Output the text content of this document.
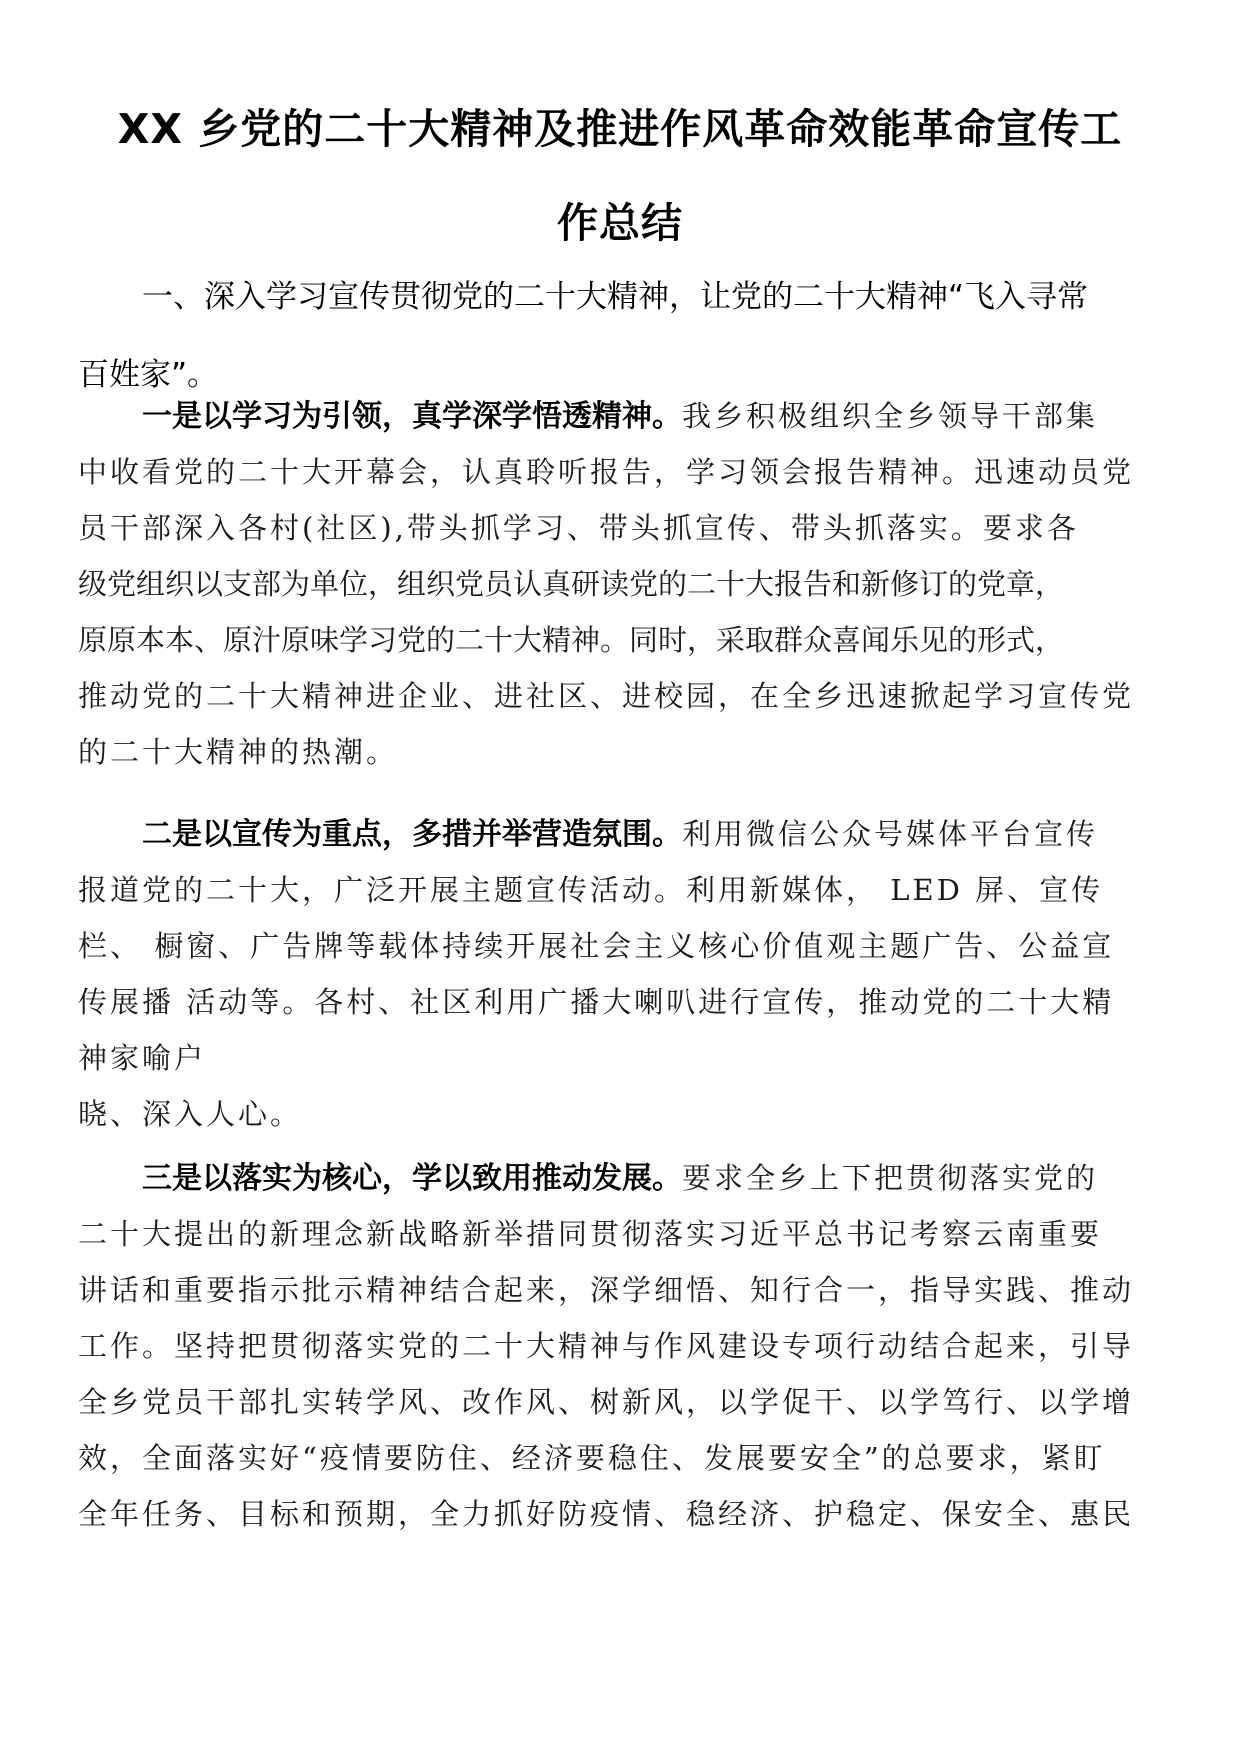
XX 乡党的二十大精神及推进作风革命效能革命宣传工
作总结
一、深入学习宣传贯彻党的二十大精神，让党的二十大精神“飞入寻常
百姓家”。
一是以学习为引领，真学深学悟透精神。我乡积极组织全乡领导干部集
中收看党的二十大开幕会，认真聆听报告，学习领会报告精神。迅速动员党
员干部深入各村(社区),带头抓学习、带头抓宣传、带头抓落实。要求各
级党组织以支部为单位，组织党员认真研读党的二十大报告和新修订的党章，
原原本本、原汁原味学习党的二十大精神。同时，采取群众喜闻乐见的形式，
推动党的二十大精神进企业、进社区、进校园，在全乡迅速掀起学习宣传党
的二十大精神的热潮。
二是以宣传为重点，多措并举营造氛围。利用微信公众号媒体平台宣传
报道党的二十大，广泛开展主题宣传活动。利用新媒体， LED 屏、宣传
栏、 橱窗、广告牌等载体持续开展社会主义核心价值观主题广告、公益宣
传展播 活动等。各村、社区利用广播大喇叭进行宣传，推动党的二十大精
神家喻户
晓、深入人心。
三是以落实为核心，学以致用推动发展。要求全乡上下把贯彻落实党的
二十大提出的新理念新战略新举措同贯彻落实习近平总书记考察云南重要
讲话和重要指示批示精神结合起来，深学细悟、知行合一，指导实践、推动
工作。坚持把贯彻落实党的二十大精神与作风建设专项行动结合起来，引导
全乡党员干部扎实转学风、改作风、树新风，以学促干、以学笃行、以学增
效，全面落实好“疫情要防住、经济要稳住、发展要安全”的总要求，紧盯
全年任务、目标和预期，全力抓好防疫情、稳经济、护稳定、保安全、惠民
